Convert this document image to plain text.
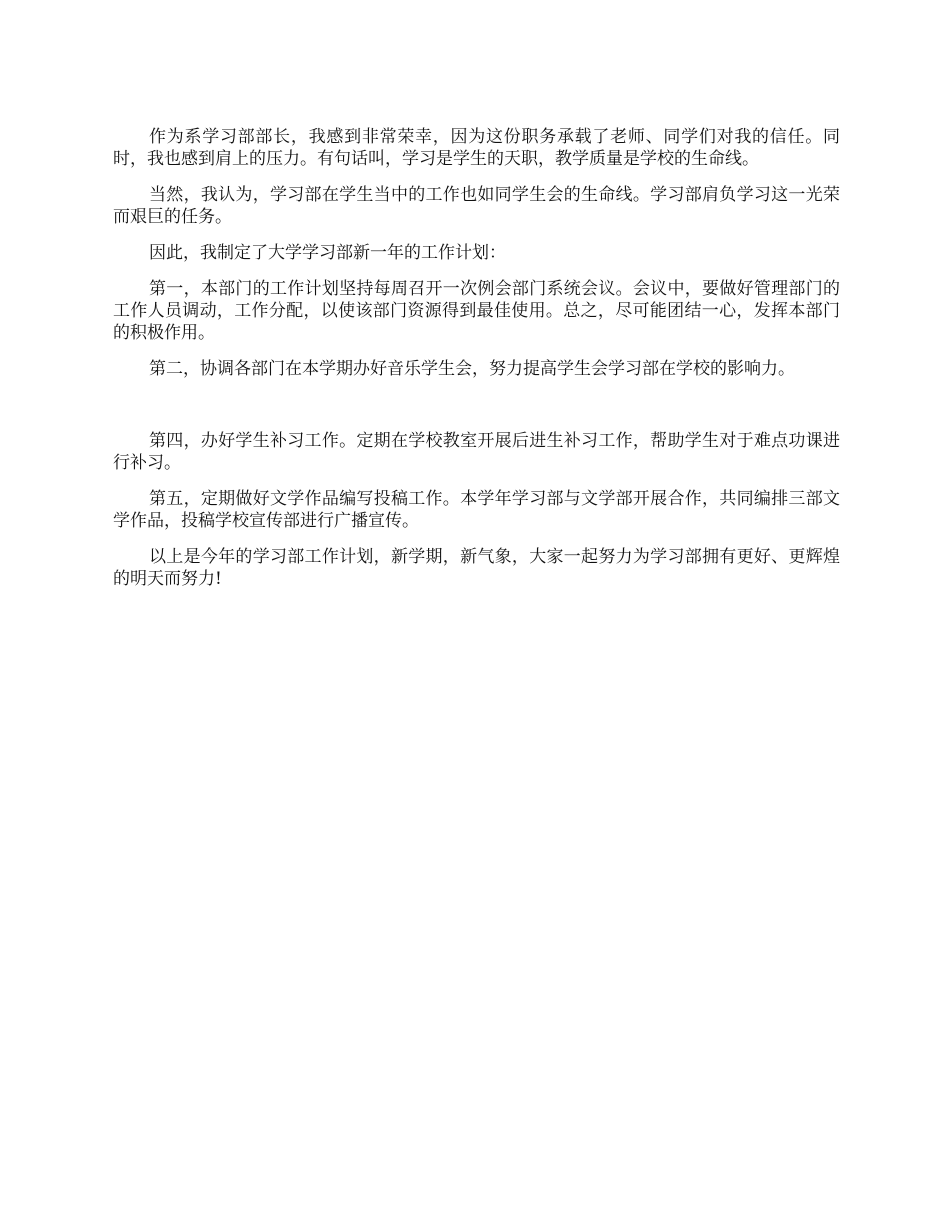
作为系学习部部长，我感到非常荣幸，因为这份职务承载了老师、同学们对我的信任。同时，我也感到肩上的压力。有句话叫，学习是学生的天职，教学质量是学校的生命线。

当然，我认为，学习部在学生当中的工作也如同学生会的生命线。学习部肩负学习这一光荣而艰巨的任务。

因此，我制定了大学学习部新一年的工作计划：

第一，本部门的工作计划坚持每周召开一次例会部门系统会议。会议中，要做好管理部门的工作人员调动，工作分配，以使该部门资源得到最佳使用。总之，尽可能团结一心，发挥本部门的积极作用。

第二，协调各部门在本学期办好音乐学生会，努力提高学生会学习部在学校的影响力。

第四，办好学生补习工作。定期在学校教室开展后进生补习工作，帮助学生对于难点功课进行补习。

第五，定期做好文学作品编写投稿工作。本学年学习部与文学部开展合作，共同编排三部文学作品，投稿学校宣传部进行广播宣传。

以上是今年的学习部工作计划，新学期，新气象，大家一起努力为学习部拥有更好、更辉煌的明天而努力!
